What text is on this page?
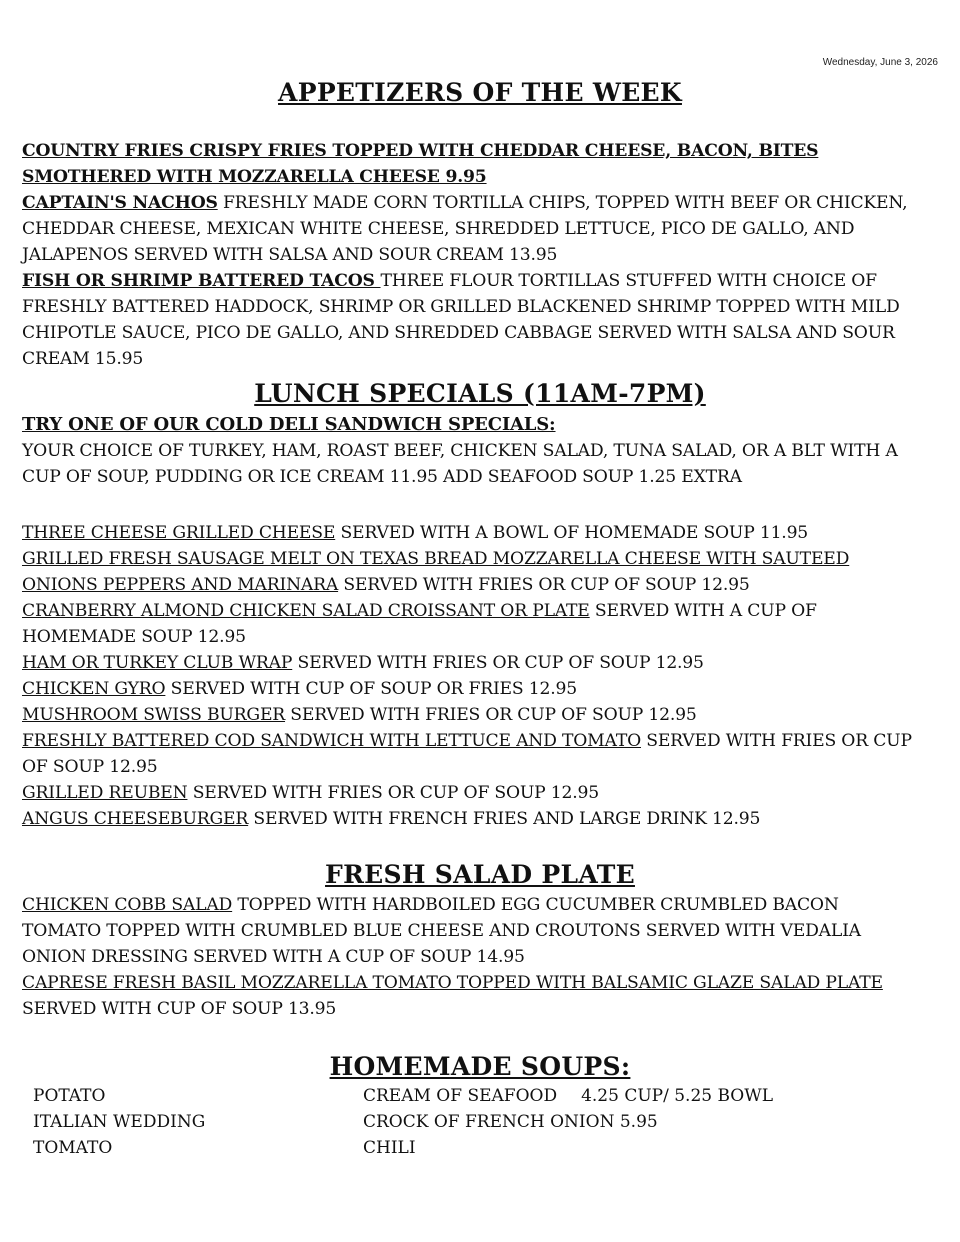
Wednesday, June 3, 2026
APPETIZERS OF THE WEEK

COUNTRY FRIES CRISPY FRIES TOPPED WITH CHEDDAR CHEESE, BACON, BITES SMOTHERED WITH MOZZARELLA CHEESE 9.95

CAPTAIN'S NACHOS FRESHLY MADE CORN TORTILLA CHIPS, TOPPED WITH BEEF OR CHICKEN, CHEDDAR CHEESE, MEXICAN WHITE CHEESE, SHREDDED LETTUCE, PICO DE GALLO, AND JALAPENOS SERVED WITH SALSA AND SOUR CREAM 13.95

FISH OR SHRIMP BATTERED TACOS THREE FLOUR TORTILLAS STUFFED WITH CHOICE OF FRESHLY BATTERED HADDOCK, SHRIMP OR GRILLED BLACKENED SHRIMP TOPPED WITH MILD CHIPOTLE SAUCE, PICO DE GALLO, AND SHREDDED CABBAGE SERVED WITH SALSA AND SOUR CREAM 15.95

LUNCH SPECIALS (11AM-7PM)

TRY ONE OF OUR COLD DELI SANDWICH SPECIALS:

YOUR CHOICE OF TURKEY, HAM, ROAST BEEF, CHICKEN SALAD, TUNA SALAD, OR A BLT WITH A CUP OF SOUP, PUDDING OR ICE CREAM 11.95 ADD SEAFOOD SOUP 1.25 EXTRA

THREE CHEESE GRILLED CHEESE SERVED WITH A BOWL OF HOMEMADE SOUP 11.95

GRILLED FRESH SAUSAGE MELT ON TEXAS BREAD MOZZARELLA CHEESE WITH SAUTEED ONIONS PEPPERS AND MARINARA SERVED WITH FRIES OR CUP OF SOUP 12.95

CRANBERRY ALMOND CHICKEN SALAD CROISSANT OR PLATE SERVED WITH A CUP OF HOMEMADE SOUP 12.95

HAM OR TURKEY CLUB WRAP SERVED WITH FRIES OR CUP OF SOUP 12.95

CHICKEN GYRO SERVED WITH CUP OF SOUP OR FRIES 12.95

MUSHROOM SWISS BURGER SERVED WITH FRIES OR CUP OF SOUP 12.95

FRESHLY BATTERED COD SANDWICH WITH LETTUCE AND TOMATO SERVED WITH FRIES OR CUP OF SOUP 12.95

GRILLED REUBEN SERVED WITH FRIES OR CUP OF SOUP 12.95

ANGUS CHEESEBURGER SERVED WITH FRENCH FRIES AND LARGE DRINK 12.95

FRESH SALAD PLATE

CHICKEN COBB SALAD TOPPED WITH HARDBOILED EGG CUCUMBER CRUMBLED BACON TOMATO TOPPED WITH CRUMBLED BLUE CHEESE AND CROUTONS SERVED WITH VEDALIA ONION DRESSING SERVED WITH A CUP OF SOUP 14.95

CAPRESE FRESH BASIL MOZZARELLA TOMATO TOPPED WITH BALSAMIC GLAZE SALAD PLATE SERVED WITH CUP OF SOUP 13.95

HOMEMADE SOUPS:
POTATO
ITALIAN WEDDING
TOMATO
CREAM OF SEAFOOD 4.25 CUP/ 5.25 BOWL
CROCK OF FRENCH ONION 5.95
CHILI
